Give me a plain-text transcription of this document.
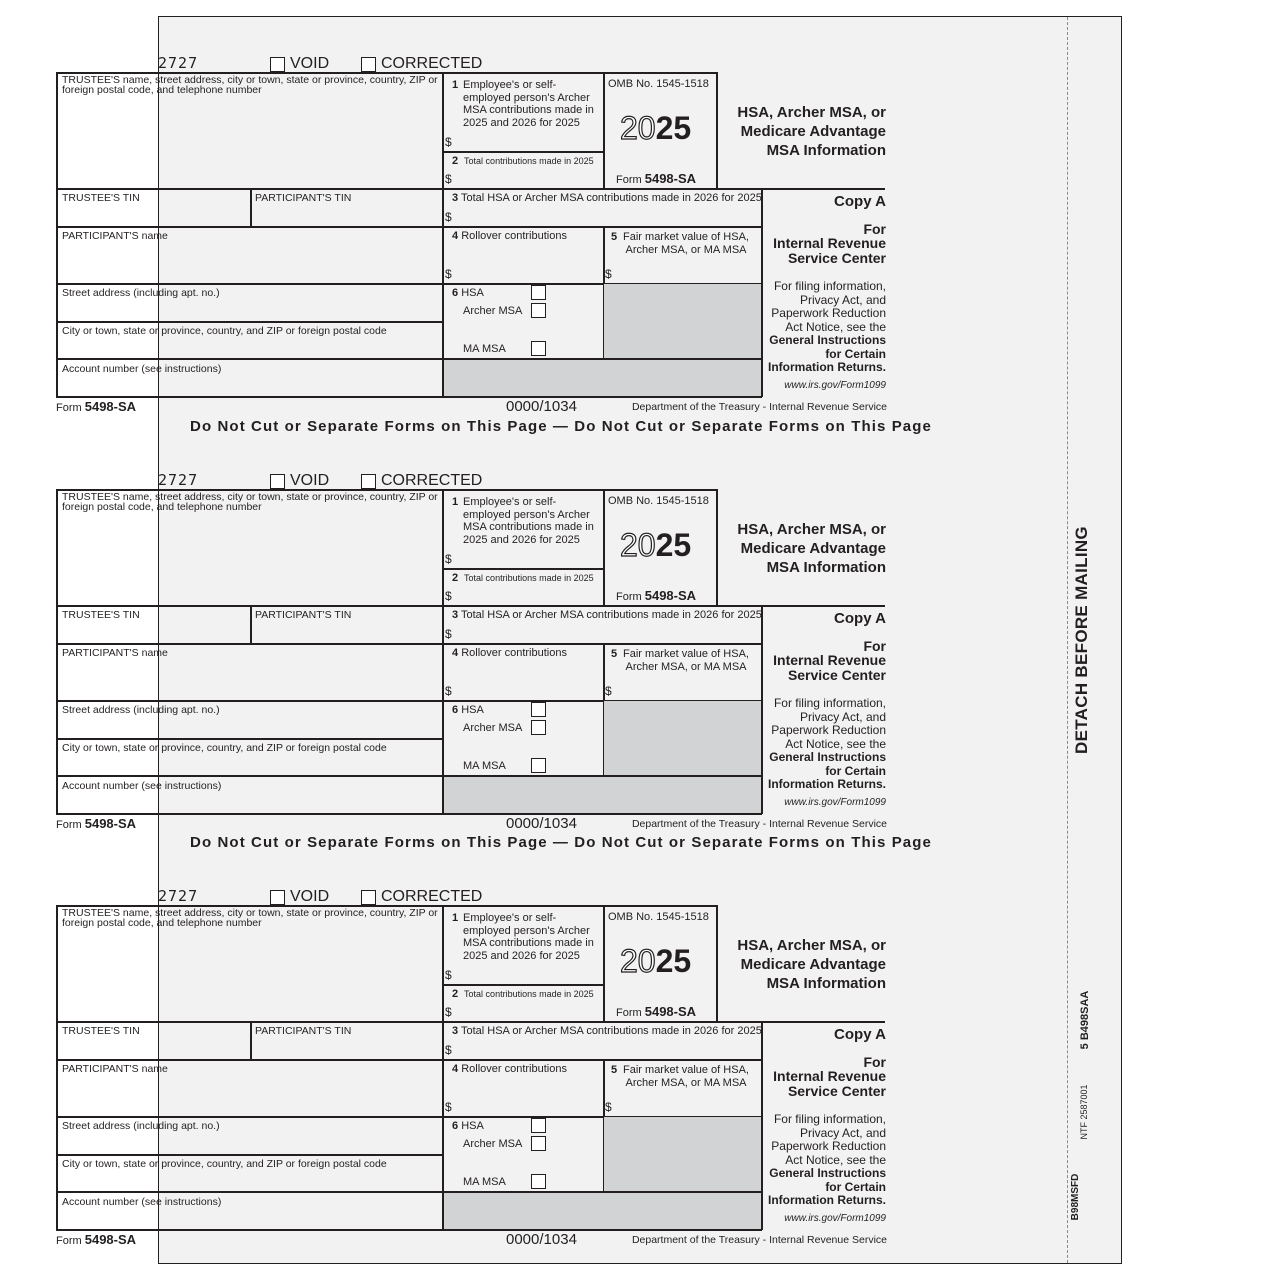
DETACH BEFORE MAILING
5 B498SAA
NTF 2587001
B98MSFD
Do Not Cut or Separate Forms on This Page — Do Not Cut or Separate Forms on This Page
Do Not Cut or Separate Forms on This Page — Do Not Cut or Separate Forms on This Page
2727	VOID	CORRECTED
TRUSTEE'S name, street address, city or town, state or province, country, ZIP or foreign postal code, and telephone number	1 Employee's or self-employed person's Archer MSA contributions made in 2025 and 2026 for 2025
$
2 Total contributions made in 2025
$
OMB No. 1545-1518
2025
Form 5498-SA
HSA, Archer MSA, or Medicare Advantage MSA Information
TRUSTEE'S TIN	PARTICIPANT'S TIN	3 Total HSA or Archer MSA contributions made in 2026 for 2025
$
Copy A
For
Internal Revenue Service Center
For filing information, Privacy Act, and Paperwork Reduction Act Notice, see the General Instructions for Certain Information Returns.
www.irs.gov/Form1099
PARTICIPANT'S name	4 Rollover contributions
$
5 Fair market value of HSA, Archer MSA, or MA MSA
$
Street address (including apt. no.)	6 HSA
Archer MSA
MA MSA
City or town, state or province, country, and ZIP or foreign postal code
Account number (see instructions)
Form 5498-SA	0000/1034	Department of the Treasury - Internal Revenue Service
2727	VOID	CORRECTED
TRUSTEE'S name, street address, city or town, state or province, country, ZIP or foreign postal code, and telephone number	1 Employee's or self-employed person's Archer MSA contributions made in 2025 and 2026 for 2025
$
2 Total contributions made in 2025
$
OMB No. 1545-1518
2025
Form 5498-SA
HSA, Archer MSA, or Medicare Advantage MSA Information
TRUSTEE'S TIN	PARTICIPANT'S TIN	3 Total HSA or Archer MSA contributions made in 2026 for 2025
$
Copy A
For
Internal Revenue Service Center
For filing information, Privacy Act, and Paperwork Reduction Act Notice, see the General Instructions for Certain Information Returns.
www.irs.gov/Form1099
PARTICIPANT'S name	4 Rollover contributions
$
5 Fair market value of HSA, Archer MSA, or MA MSA
$
Street address (including apt. no.)	6 HSA
Archer MSA
MA MSA
City or town, state or province, country, and ZIP or foreign postal code
Account number (see instructions)
Form 5498-SA	0000/1034	Department of the Treasury - Internal Revenue Service
2727	VOID	CORRECTED
TRUSTEE'S name, street address, city or town, state or province, country, ZIP or foreign postal code, and telephone number	1 Employee's or self-employed person's Archer MSA contributions made in 2025 and 2026 for 2025
$
2 Total contributions made in 2025
$
OMB No. 1545-1518
2025
Form 5498-SA
HSA, Archer MSA, or Medicare Advantage MSA Information
TRUSTEE'S TIN	PARTICIPANT'S TIN	3 Total HSA or Archer MSA contributions made in 2026 for 2025
$
Copy A
For
Internal Revenue Service Center
For filing information, Privacy Act, and Paperwork Reduction Act Notice, see the General Instructions for Certain Information Returns.
www.irs.gov/Form1099
PARTICIPANT'S name	4 Rollover contributions
$
5 Fair market value of HSA, Archer MSA, or MA MSA
$
Street address (including apt. no.)	6 HSA
Archer MSA
MA MSA
City or town, state or province, country, and ZIP or foreign postal code
Account number (see instructions)
Form 5498-SA	0000/1034	Department of the Treasury - Internal Revenue Service
